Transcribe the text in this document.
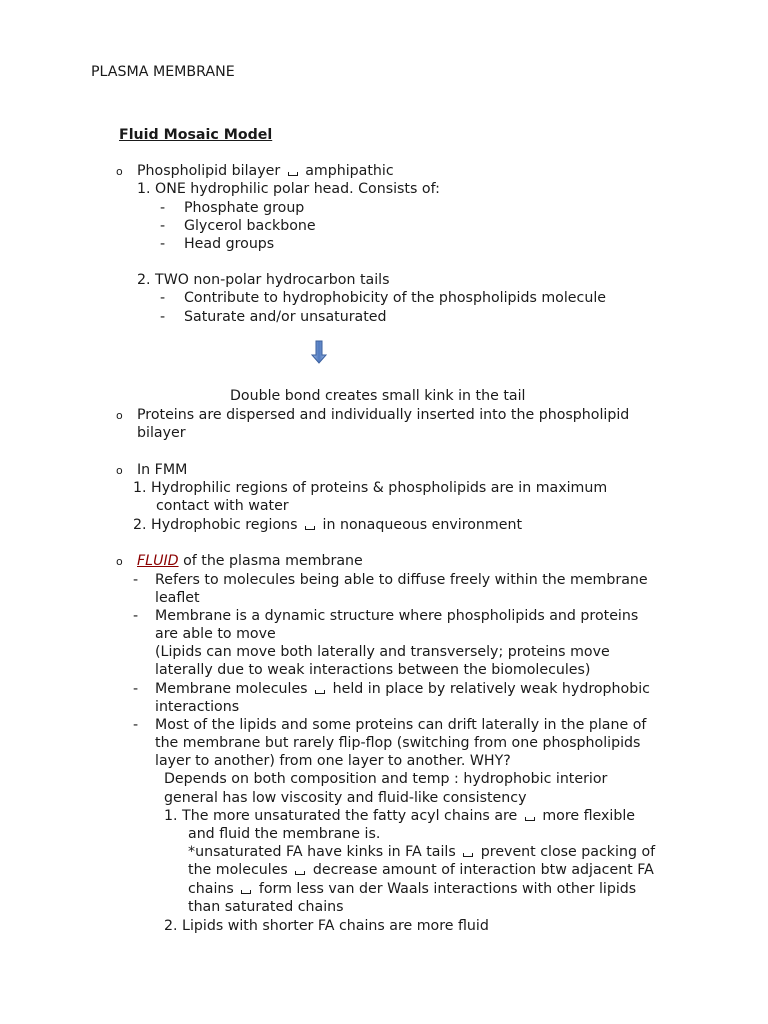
PLASMA MEMBRANE
Fluid Mosaic Model
o Phospholipid bilayer amphipathic
1. ONE hydrophilic polar head. Consists of:
- Phosphate group
- Glycerol backbone
- Head groups
2. TWO non-polar hydrocarbon tails
- Contribute to hydrophobicity of the phospholipids molecule
- Saturate and/or unsaturated
Double bond creates small kink in the tail
o Proteins are dispersed and individually inserted into the phospholipid
bilayer
o In FMM
1. Hydrophilic regions of proteins & phospholipids are in maximum
contact with water
2. Hydrophobic regions in nonaqueous environment
o FLUID of the plasma membrane
- Refers to molecules being able to diffuse freely within the membrane
leaflet
- Membrane is a dynamic structure where phospholipids and proteins
are able to move
(Lipids can move both laterally and transversely; proteins move
laterally due to weak interactions between the biomolecules)
- Membrane molecules held in place by relatively weak hydrophobic
interactions
- Most of the lipids and some proteins can drift laterally in the plane of
the membrane but rarely flip-flop (switching from one phospholipids
layer to another) from one layer to another. WHY?
Depends on both composition and temp : hydrophobic interior
general has low viscosity and fluid-like consistency
1. The more unsaturated the fatty acyl chains are more flexible
and fluid the membrane is.
*unsaturated FA have kinks in FA tails prevent close packing of
the molecules decrease amount of interaction btw adjacent FA
chains form less van der Waals interactions with other lipids
than saturated chains
2. Lipids with shorter FA chains are more fluid
